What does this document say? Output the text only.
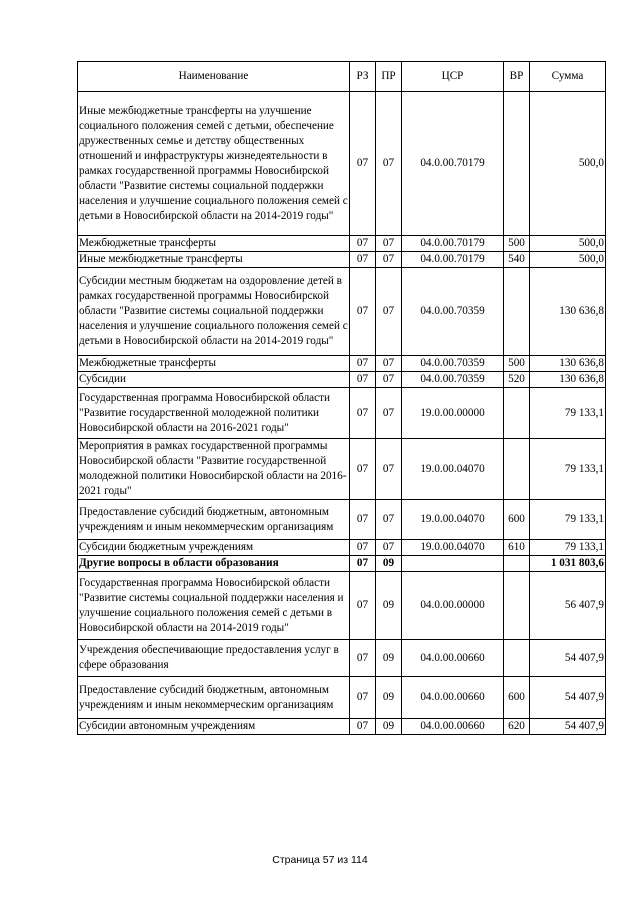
Наименование	РЗ	ПР	ЦСР	ВР	Сумма
Иные межбюджетные трансферты на улучшение социального положения семей с детьми, обеспечение дружественных семье и детству общественных отношений и инфраструктуры жизнедеятельности в рамках государственной программы Новосибирской области "Развитие системы социальной поддержки населения и улучшение социального положения семей с детьми в Новосибирской области на 2014-2019 годы"	07	07	04.0.00.70179		500,0
Межбюджетные трансферты	07	07	04.0.00.70179	500	500,0
Иные межбюджетные трансферты	07	07	04.0.00.70179	540	500,0
Субсидии местным бюджетам на оздоровление детей в рамках государственной программы Новосибирской области "Развитие системы социальной поддержки населения и улучшение социального положения семей с детьми в Новосибирской области на 2014-2019 годы"	07	07	04.0.00.70359		130 636,8
Межбюджетные трансферты	07	07	04.0.00.70359	500	130 636,8
Субсидии	07	07	04.0.00.70359	520	130 636,8
Государственная программа Новосибирской области "Развитие государственной молодежной политики Новосибирской области на 2016-2021 годы"	07	07	19.0.00.00000		79 133,1
Мероприятия в рамках государственной программы Новосибирской области "Развитие государственной молодежной политики Новосибирской области на 2016-2021 годы"	07	07	19.0.00.04070		79 133,1
Предоставление субсидий бюджетным, автономным учреждениям и иным некоммерческим организациям	07	07	19.0.00.04070	600	79 133,1
Субсидии бюджетным учреждениям	07	07	19.0.00.04070	610	79 133,1
Другие вопросы в области образования	07	09			1 031 803,6
Государственная программа Новосибирской области "Развитие системы социальной поддержки населения и улучшение социального положения семей с детьми в Новосибирской области на 2014-2019 годы"	07	09	04.0.00.00000		56 407,9
Учреждения обеспечивающие предоставления услуг в сфере образования	07	09	04.0.00.00660		54 407,9
Предоставление субсидий бюджетным, автономным учреждениям и иным некоммерческим организациям	07	09	04.0.00.00660	600	54 407,9
Субсидии автономным учреждениям	07	09	04.0.00.00660	620	54 407,9
Страница 57 из 114
